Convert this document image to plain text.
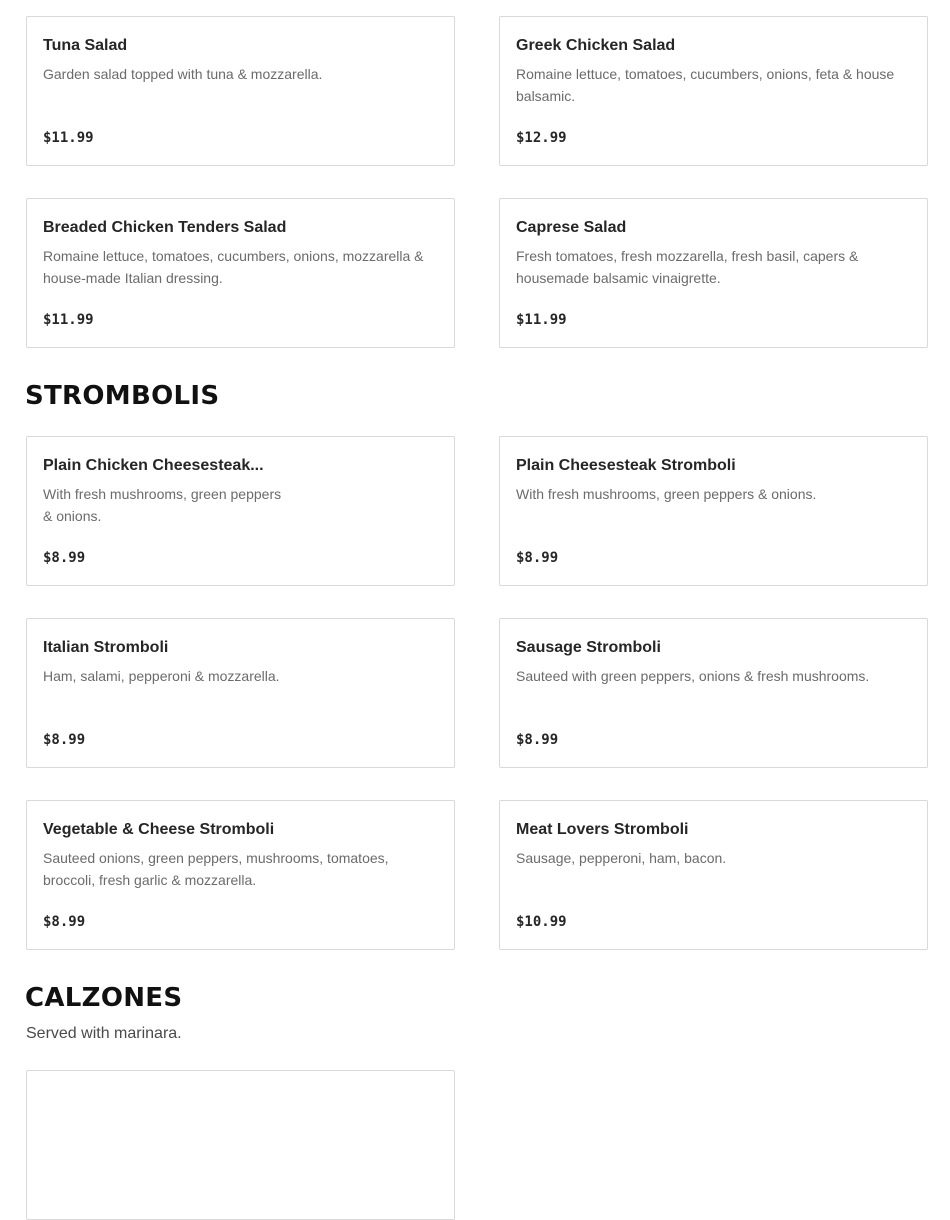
Tuna Salad
Garden salad topped with tuna & mozzarella.
$11.99
Greek Chicken Salad
Romaine lettuce, tomatoes, cucumbers, onions, feta & house balsamic.
$12.99
Breaded Chicken Tenders Salad
Romaine lettuce, tomatoes, cucumbers, onions, mozzarella & house-made Italian dressing.
$11.99
Caprese Salad
Fresh tomatoes, fresh mozzarella, fresh basil, capers & housemade balsamic vinaigrette.
$11.99
STROMBOLIS
Plain Chicken Cheesesteak...
With fresh mushrooms, green peppers & onions.
$8.99
Plain Cheesesteak Stromboli
With fresh mushrooms, green peppers & onions.
$8.99
Italian Stromboli
Ham, salami, pepperoni & mozzarella.
$8.99
Sausage Stromboli
Sauteed with green peppers, onions & fresh mushrooms.
$8.99
Vegetable & Cheese Stromboli
Sauteed onions, green peppers, mushrooms, tomatoes, broccoli, fresh garlic & mozzarella.
$8.99
Meat Lovers Stromboli
Sausage, pepperoni, ham, bacon.
$10.99
CALZONES
Served with marinara.
